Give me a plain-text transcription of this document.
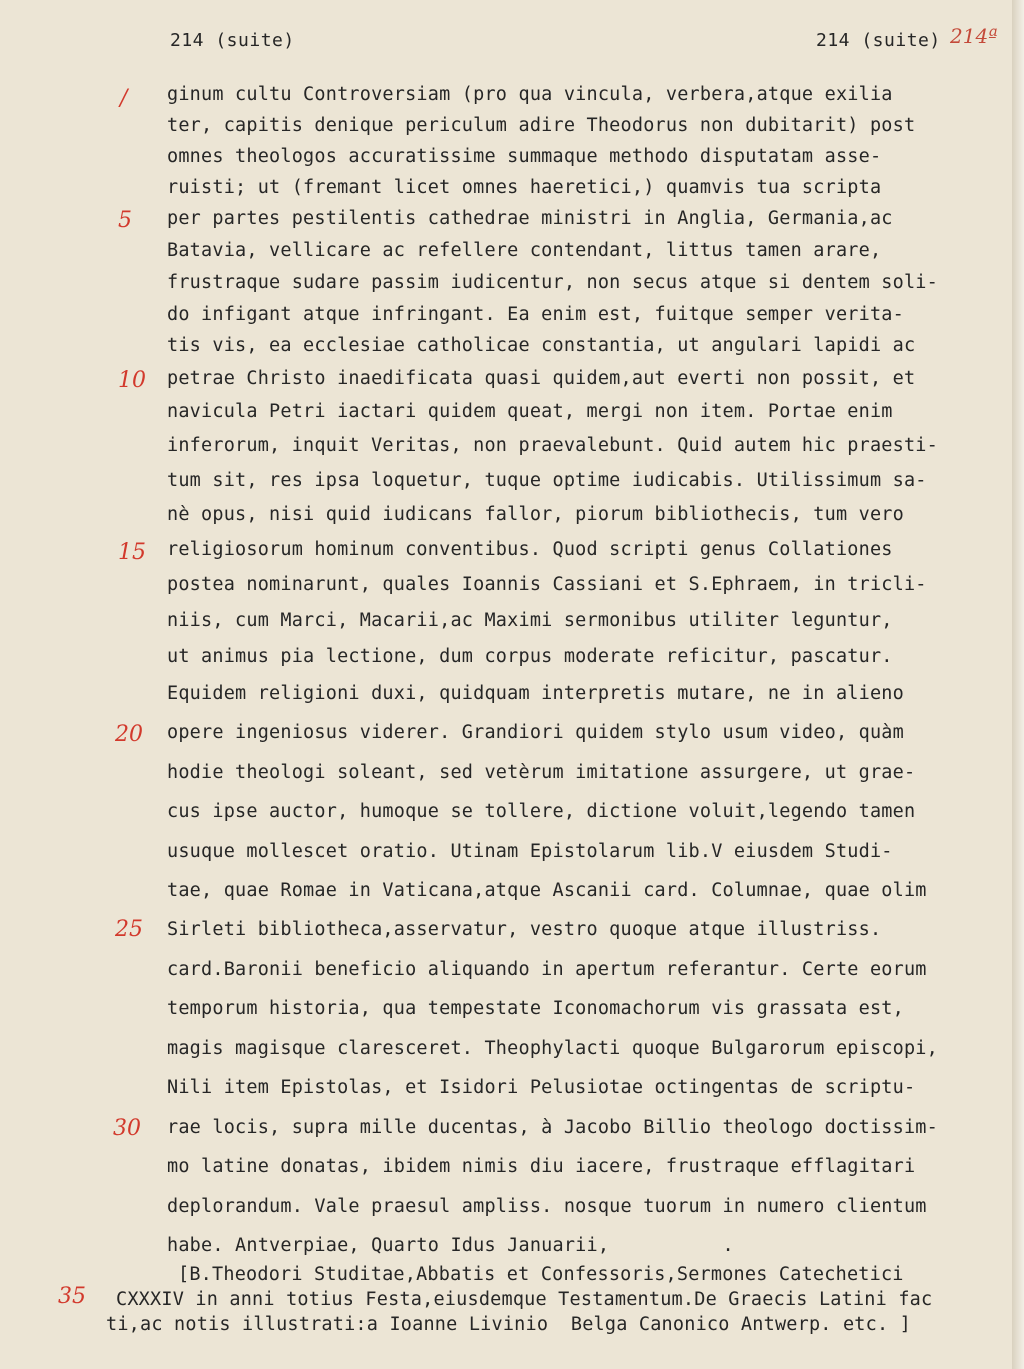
214 (suite)	214 (suite) 214ª
/
5
10
15
20
25
30
35
ginum cultu Controversiam (pro qua vincula, verbera,atque exilia
ter, capitis denique periculum adire Theodorus non dubitarit) post
omnes theologos accuratissime summaque methodo disputatam asse-
ruisti; ut (fremant licet omnes haeretici,) quamvis tua scripta
per partes pestilentis cathedrae ministri in Anglia, Germania,ac
Batavia, vellicare ac refellere contendant, littus tamen arare,
frustraque sudare passim iudicentur, non secus atque si dentem soli-
do infigant atque infringant. Ea enim est, fuitque semper verita-
tis vis, ea ecclesiae catholicae constantia, ut angulari lapidi ac
petrae Christo inaedificata quasi quidem,aut everti non possit, et
navicula Petri iactari quidem queat, mergi non item. Portae enim
inferorum, inquit Veritas, non praevalebunt. Quid autem hic praesti-
tum sit, res ipsa loquetur, tuque optime iudicabis. Utilissimum sa-
nè opus, nisi quid iudicans fallor, piorum bibliothecis, tum vero
religiosorum hominum conventibus. Quod scripti genus Collationes
postea nominarunt, quales Ioannis Cassiani et S.Ephraem, in tricli-
niis, cum Marci, Macarii,ac Maximi sermonibus utiliter leguntur,
ut animus pia lectione, dum corpus moderate reficitur, pascatur.
Equidem religioni duxi, quidquam interpretis mutare, ne in alieno
opere ingeniosus viderer. Grandiori quidem stylo usum video, quàm
hodie theologi soleant, sed vetèrum imitatione assurgere, ut grae-
cus ipse auctor, humoque se tollere, dictione voluit,legendo tamen
usuque mollescet oratio. Utinam Epistolarum lib.V eiusdem Studi-
tae, quae Romae in Vaticana,atque Ascanii card. Columnae, quae olim
Sirleti bibliotheca,asservatur, vestro quoque atque illustriss.
card.Baronii beneficio aliquando in apertum referantur. Certe eorum
temporum historia, qua tempestate Iconomachorum vis grassata est,
magis magisque claresceret. Theophylacti quoque Bulgarorum episcopi,
Nili item Epistolas, et Isidori Pelusiotae octingentas de scriptu-
rae locis, supra mille ducentas, à Jacobo Billio theologo doctissim-
mo latine donatas, ibidem nimis diu iacere, frustraque efflagitari
deplorandum. Vale praesul ampliss. nosque tuorum in numero clientum
habe. Antverpiae, Quarto Idus Januarii,          .
[B.Theodori Studitae,Abbatis et Confessoris,Sermones Catechetici
CXXXIV in anni totius Festa,eiusdemque Testamentum.De Graecis Latini fac
ti,ac notis illustrati:a Ioanne Livinio  Belga Canonico Antwerp. etc. ]
